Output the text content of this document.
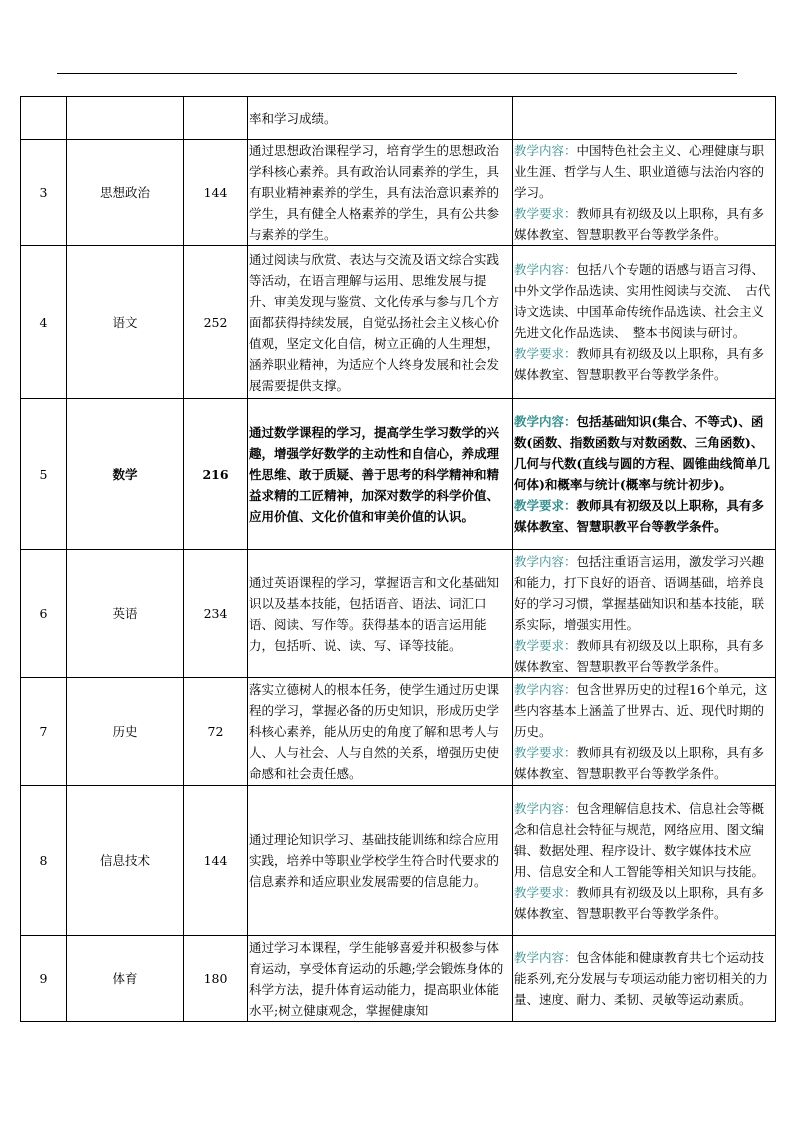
			率和学习成绩。	

3	思想政治	144	通过思想政治课程学习，培育学生的思想政治学科核心素养。具有政治认同素养的学生，具有职业精神素养的学生，具有法治意识素养的学生，具有健全人格素养的学生，具有公共参与素养的学生。	教学内容：中国特色社会主义、心理健康与职业生涯、哲学与人生、职业道德与法治内容的学习。
教学要求：教师具有初级及以上职称，具有多媒体教室、智慧职教平台等教学条件。

4	语文	252	通过阅读与欣赏、表达与交流及语文综合实践等活动，在语言理解与运用、思维发展与提升、审美发现与鉴赏、文化传承与参与几个方面都获得持续发展，自觉弘扬社会主义核心价值观，坚定文化自信，树立正确的人生理想，涵养职业精神，为适应个人终身发展和社会发展需要提供支撑。	教学内容：包括八个专题的语感与语言习得、　中外文学作品选读、实用性阅读与交流、　古代诗文选读、中国革命传统作品选读、社会主义先进文化作品选读、　整本书阅读与研讨。
教学要求：教师具有初级及以上职称，具有多媒体教室、智慧职教平台等教学条件。

5	数学	216	通过数学课程的学习，提高学生学习数学的兴趣，增强学好数学的主动性和自信心，养成理性思维、敢于质疑、善于思考的科学精神和精益求精的工匠精神，加深对数学的科学价值、应用价值、文化价值和审美价值的认识。	教学内容：包括基础知识(集合、不等式)、函数(函数、指数函数与对数函数、三角函数)、几何与代数(直线与圆的方程、圆锥曲线简单几何体)和概率与统计(概率与统计初步)。
教学要求：教师具有初级及以上职称，具有多媒体教室、智慧职教平台等教学条件。

6	英语	234	通过英语课程的学习，掌握语言和文化基础知识以及基本技能，包括语音、语法、词汇口语、阅读、写作等。获得基本的语言运用能力，包括听、说、读、写、译等技能。	教学内容：包括注重语言运用，激发学习兴趣和能力，打下良好的语音、语调基础，培养良好的学习习惯，掌握基础知识和基本技能，联系实际，增强实用性。
教学要求：教师具有初级及以上职称，具有多媒体教室、智慧职教平台等教学条件。

7	历史	72	落实立德树人的根本任务，使学生通过历史课程的学习，掌握必备的历史知识，形成历史学科核心素养，能从历史的角度了解和思考人与人、人与社会、人与自然的关系，增强历史使命感和社会责任感。	教学内容：包含世界历史的过程16个单元，这些内容基本上涵盖了世界古、近、现代时期的历史。
教学要求：教师具有初级及以上职称，具有多媒体教室、智慧职教平台等教学条件。

8	信息技术	144	通过理论知识学习、基础技能训练和综合应用实践，培养中等职业学校学生符合时代要求的信息素养和适应职业发展需要的信息能力。	教学内容：包含理解信息技术、信息社会等概念和信息社会特征与规范，网络应用、图文编辑、数据处理、程序设计、数字媒体技术应用、信息安全和人工智能等相关知识与技能。
教学要求：教师具有初级及以上职称，具有多媒体教室、智慧职教平台等教学条件。

9	体育	180	通过学习本课程，学生能够喜爱并积极参与体育运动，享受体育运动的乐趣;学会锻炼身体的科学方法，提升体育运动能力，提高职业体能水平;树立健康观念，掌握健康知	教学内容：包含体能和健康教育共七个运动技能系列,充分发展与专项运动能力密切相关的力量、速度、耐力、柔韧、灵敏等运动素质。
